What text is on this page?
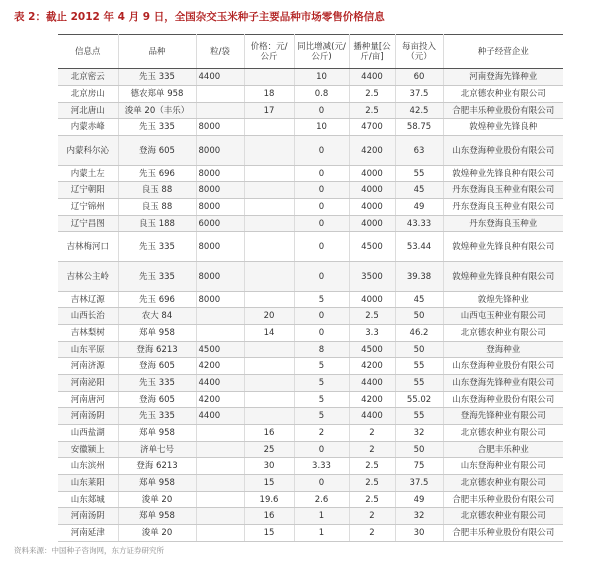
表 2：截止 2012 年 4 月 9 日，全国杂交玉米种子主要品种市场零售价格信息
信息点	品种	粒/袋	价格：元/公斤	同比增减(元/公斤)	播种量[公斤/亩]	每亩投入（元）	种子经营企业
北京密云	先玉 335	4400		10	4400	60	河南登海先锋种业
北京房山	德农郑单 958		18	0.8	2.5	37.5	北京德农种业有限公司
河北唐山	浚单 20（丰乐）		17	0	2.5	42.5	合肥丰乐种业股份有限公司
内蒙赤峰	先玉 335	8000		10	4700	58.75	敦煌种业先锋良种
内蒙科尔沁	登海 605	8000		0	4200	63	山东登海种业股份有限公司
内蒙土左	先玉 696	8000		0	4000	55	敦煌种业先锋良种有限公司
辽宁朝阳	良玉 88	8000		0	4000	45	丹东登海良玉种业有限公司
辽宁锦州	良玉 88	8000		0	4000	49	丹东登海良玉种业有限公司
辽宁昌图	良玉 188	6000		0	4000	43.33	丹东登海良玉种业
吉林梅河口	先玉 335	8000		0	4500	53.44	敦煌种业先锋良种有限公司
吉林公主岭	先玉 335	8000		0	3500	39.38	敦煌种业先锋良种有限公司
吉林辽源	先玉 696	8000		5	4000	45	敦煌先锋种业
山西长治	农大 84		20	0	2.5	50	山西屯玉种业有限公司
吉林梨树	郑单 958		14	0	3.3	46.2	北京德农种业有限公司
山东平原	登海 6213	4500		8	4500	50	登海种业
河南济源	登海 605	4200		5	4200	55	山东登海种业股份有限公司
河南泌阳	先玉 335	4400		5	4400	55	山东登海先锋种业有限公司
河南唐河	登海 605	4200		5	4200	55.02	山东登海种业股份有限公司
河南汤阴	先玉 335	4400		5	4400	55	登海先锋种业有限公司
山西盐湖	郑单 958		16	2	2	32	北京德农种业有限公司
安徽颍上	济单七号		25	0	2	50	合肥丰乐种业
山东滨州	登海 6213		30	3.33	2.5	75	山东登海种业有限公司
山东莱阳	郑单 958		15	0	2.5	37.5	北京德农种业有限公司
山东郯城	浚单 20		19.6	2.6	2.5	49	合肥丰乐种业股份有限公司
河南汤阴	郑单 958		16	1	2	32	北京德农种业有限公司
河南延津	浚单 20		15	1	2	30	合肥丰乐种业股份有限公司
资料来源：中国种子咨询网，东方证券研究所
